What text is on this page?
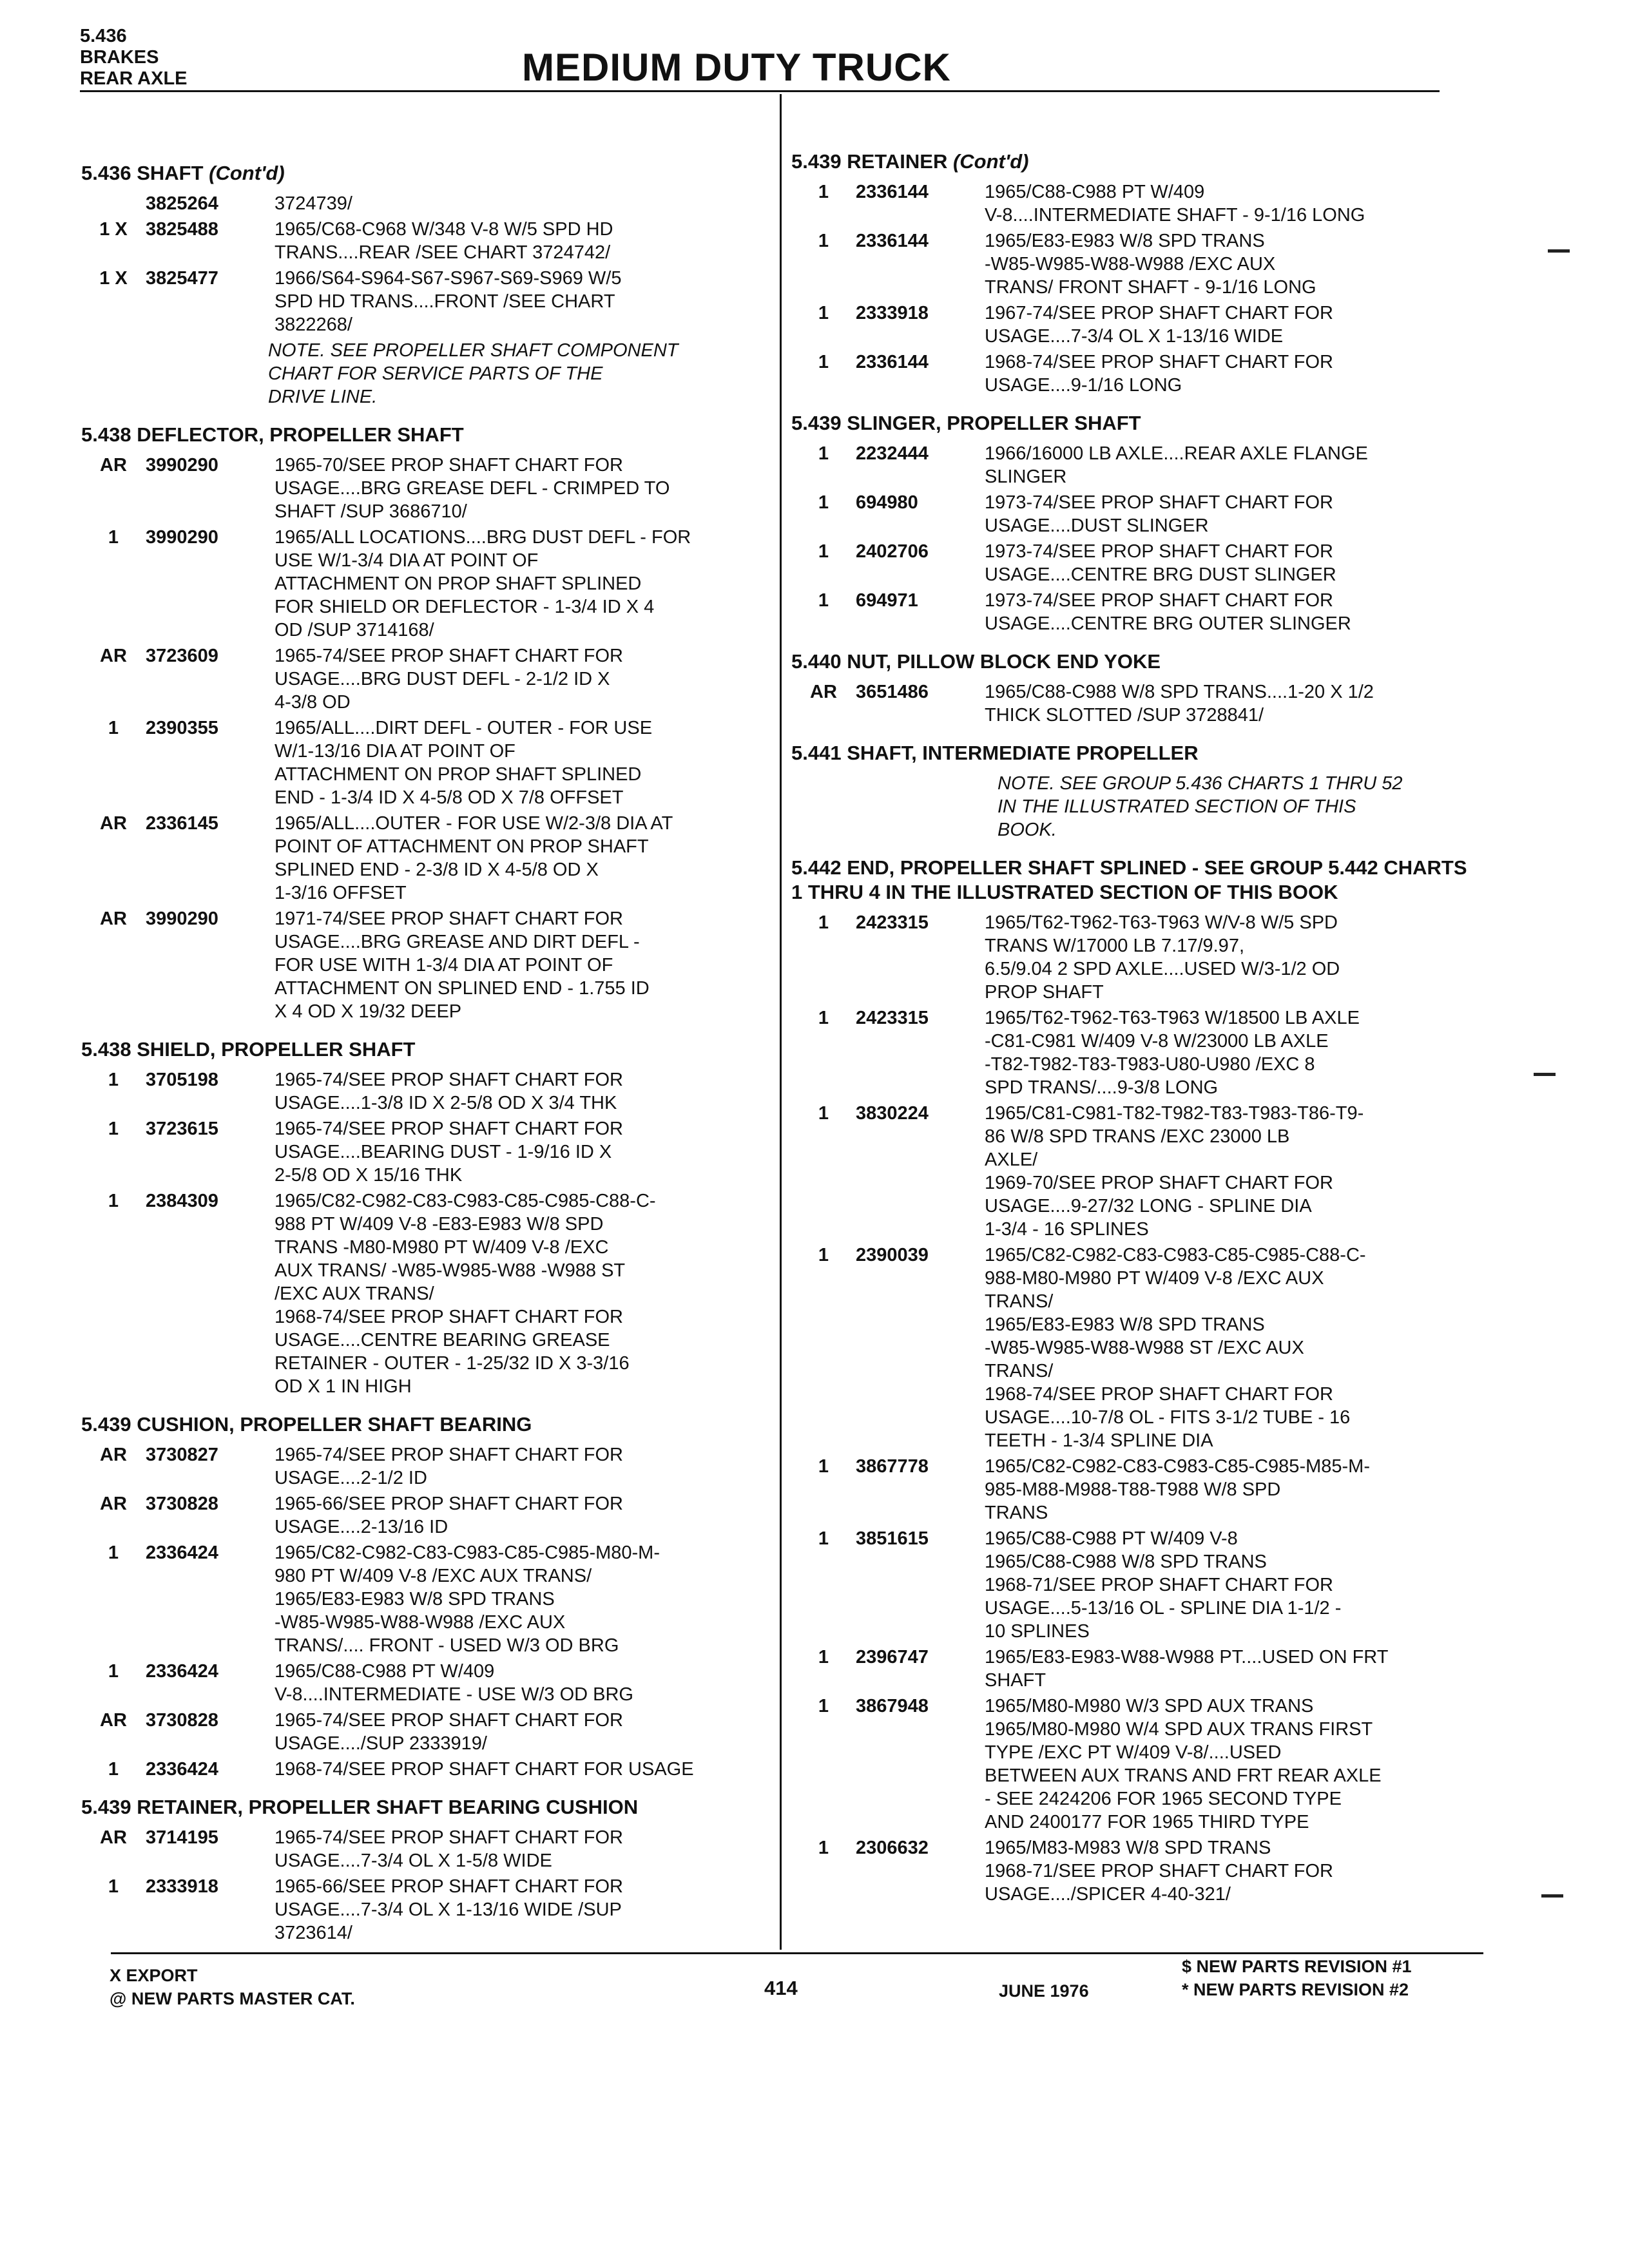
5.436
BRAKES
REAR AXLE	MEDIUM DUTY TRUCK
5.436 SHAFT (Cont'd)
3825264	3724739/

1 X 3825488	1965/C68-C968 W/348 V-8 W/5 SPD HD

TRANS....REAR /SEE CHART 3724742/

1 X 3825477	1966/S64-S964-S67-S967-S69-S969 W/5

SPD HD TRANS....FRONT /SEE CHART

3822268/

NOTE. SEE PROPELLER SHAFT COMPONENT
CHART FOR SERVICE PARTS OF THE
DRIVE LINE.
5.438 DEFLECTOR, PROPELLER SHAFT
AR	3990290	1965-70/SEE PROP SHAFT CHART FOR

USAGE....BRG GREASE DEFL - CRIMPED TO

SHAFT /SUP 3686710/

1	3990290	1965/ALL LOCATIONS....BRG DUST DEFL - FOR

USE W/1-3/4 DIA AT POINT OF

ATTACHMENT ON PROP SHAFT SPLINED

FOR SHIELD OR DEFLECTOR - 1-3/4 ID X 4

OD /SUP 3714168/

AR	3723609	1965-74/SEE PROP SHAFT CHART FOR

USAGE....BRG DUST DEFL - 2-1/2 ID X

4-3/8 OD

1	2390355	1965/ALL....DIRT DEFL - OUTER - FOR USE

W/1-13/16 DIA AT POINT OF

ATTACHMENT ON PROP SHAFT SPLINED

END - 1-3/4 ID X 4-5/8 OD X 7/8 OFFSET

AR	2336145	1965/ALL....OUTER - FOR USE W/2-3/8 DIA AT

POINT OF ATTACHMENT ON PROP SHAFT

SPLINED END - 2-3/8 ID X 4-5/8 OD X

1-3/16 OFFSET

AR	3990290	1971-74/SEE PROP SHAFT CHART FOR

USAGE....BRG GREASE AND DIRT DEFL -

FOR USE WITH 1-3/4 DIA AT POINT OF

ATTACHMENT ON SPLINED END - 1.755 ID

X 4 OD X 19/32 DEEP

5.438 SHIELD, PROPELLER SHAFT
1	3705198	1965-74/SEE PROP SHAFT CHART FOR

USAGE....1-3/8 ID X 2-5/8 OD X 3/4 THK

1	3723615	1965-74/SEE PROP SHAFT CHART FOR

USAGE....BEARING DUST - 1-9/16 ID X

2-5/8 OD X 15/16 THK

1	2384309	1965/C82-C982-C83-C983-C85-C985-C88-C-

988 PT W/409 V-8 -E83-E983 W/8 SPD

TRANS -M80-M980 PT W/409 V-8 /EXC

AUX TRANS/ -W85-W985-W88 -W988 ST

/EXC AUX TRANS/

1968-74/SEE PROP SHAFT CHART FOR

USAGE....CENTRE BEARING GREASE

RETAINER - OUTER - 1-25/32 ID X 3-3/16

OD X 1 IN HIGH

5.439 CUSHION, PROPELLER SHAFT BEARING
AR	3730827	1965-74/SEE PROP SHAFT CHART FOR

USAGE....2-1/2 ID

AR	3730828	1965-66/SEE PROP SHAFT CHART FOR

USAGE....2-13/16 ID

1	2336424	1965/C82-C982-C83-C983-C85-C985-M80-M-

980 PT W/409 V-8 /EXC AUX TRANS/

1965/E83-E983 W/8 SPD TRANS

-W85-W985-W88-W988 /EXC AUX

TRANS/.... FRONT - USED W/3 OD BRG

1	2336424	1965/C88-C988 PT W/409

V-8....INTERMEDIATE - USE W/3 OD BRG

AR	3730828	1965-74/SEE PROP SHAFT CHART FOR

USAGE..../SUP 2333919/

1	2336424	1968-74/SEE PROP SHAFT CHART FOR USAGE

5.439 RETAINER, PROPELLER SHAFT BEARING CUSHION
AR	3714195	1965-74/SEE PROP SHAFT CHART FOR

USAGE....7-3/4 OL X 1-5/8 WIDE

1	2333918	1965-66/SEE PROP SHAFT CHART FOR

USAGE....7-3/4 OL X 1-13/16 WIDE /SUP

3723614/

5.439 RETAINER (Cont'd)
1	2336144	1965/C88-C988 PT W/409

V-8....INTERMEDIATE SHAFT - 9-1/16 LONG

1	2336144	1965/E83-E983 W/8 SPD TRANS

-W85-W985-W88-W988 /EXC AUX

TRANS/ FRONT SHAFT - 9-1/16 LONG

1	2333918	1967-74/SEE PROP SHAFT CHART FOR

USAGE....7-3/4 OL X 1-13/16 WIDE

1	2336144	1968-74/SEE PROP SHAFT CHART FOR

USAGE....9-1/16 LONG

5.439 SLINGER, PROPELLER SHAFT
1	2232444	1966/16000 LB AXLE....REAR AXLE FLANGE

SLINGER

1	694980	1973-74/SEE PROP SHAFT CHART FOR

USAGE....DUST SLINGER

1	2402706	1973-74/SEE PROP SHAFT CHART FOR

USAGE....CENTRE BRG DUST SLINGER

1	694971	1973-74/SEE PROP SHAFT CHART FOR

USAGE....CENTRE BRG OUTER SLINGER

5.440 NUT, PILLOW BLOCK END YOKE
AR	3651486	1965/C88-C988 W/8 SPD TRANS....1-20 X 1/2

THICK SLOTTED /SUP 3728841/

5.441 SHAFT, INTERMEDIATE PROPELLER
NOTE. SEE GROUP 5.436 CHARTS 1 THRU 52
IN THE ILLUSTRATED SECTION OF THIS
BOOK.
5.442 END, PROPELLER SHAFT SPLINED - SEE GROUP 5.442 CHARTS 1 THRU 4 IN THE ILLUSTRATED SECTION OF THIS BOOK
1	2423315	1965/T62-T962-T63-T963 W/V-8 W/5 SPD

TRANS W/17000 LB 7.17/9.97,

6.5/9.04 2 SPD AXLE....USED W/3-1/2 OD

PROP SHAFT

1	2423315	1965/T62-T962-T63-T963 W/18500 LB AXLE

-C81-C981 W/409 V-8 W/23000 LB AXLE

-T82-T982-T83-T983-U80-U980 /EXC 8

SPD TRANS/....9-3/8 LONG

1	3830224	1965/C81-C981-T82-T982-T83-T983-T86-T9-

86 W/8 SPD TRANS /EXC 23000 LB

AXLE/

1969-70/SEE PROP SHAFT CHART FOR

USAGE....9-27/32 LONG - SPLINE DIA

1-3/4 - 16 SPLINES

1	2390039	1965/C82-C982-C83-C983-C85-C985-C88-C-

988-M80-M980 PT W/409 V-8 /EXC AUX

TRANS/

1965/E83-E983 W/8 SPD TRANS

-W85-W985-W88-W988 ST /EXC AUX

TRANS/

1968-74/SEE PROP SHAFT CHART FOR

USAGE....10-7/8 OL - FITS 3-1/2 TUBE - 16

TEETH - 1-3/4 SPLINE DIA

1	3867778	1965/C82-C982-C83-C983-C85-C985-M85-M-

985-M88-M988-T88-T988 W/8 SPD

TRANS

1	3851615	1965/C88-C988 PT W/409 V-8

1965/C88-C988 W/8 SPD TRANS

1968-71/SEE PROP SHAFT CHART FOR

USAGE....5-13/16 OL - SPLINE DIA 1-1/2 -

10 SPLINES

1	2396747	1965/E83-E983-W88-W988 PT....USED ON FRT

SHAFT

1	3867948	1965/M80-M980 W/3 SPD AUX TRANS

1965/M80-M980 W/4 SPD AUX TRANS FIRST

TYPE /EXC PT W/409 V-8/....USED

BETWEEN AUX TRANS AND FRT REAR AXLE

- SEE 2424206 FOR 1965 SECOND TYPE

AND 2400177 FOR 1965 THIRD TYPE

1	2306632	1965/M83-M983 W/8 SPD TRANS

1968-71/SEE PROP SHAFT CHART FOR

USAGE..../SPICER 4-40-321/

X EXPORT
@ NEW PARTS MASTER CAT.	414	JUNE 1976
$ NEW PARTS REVISION #1
* NEW PARTS REVISION #2
